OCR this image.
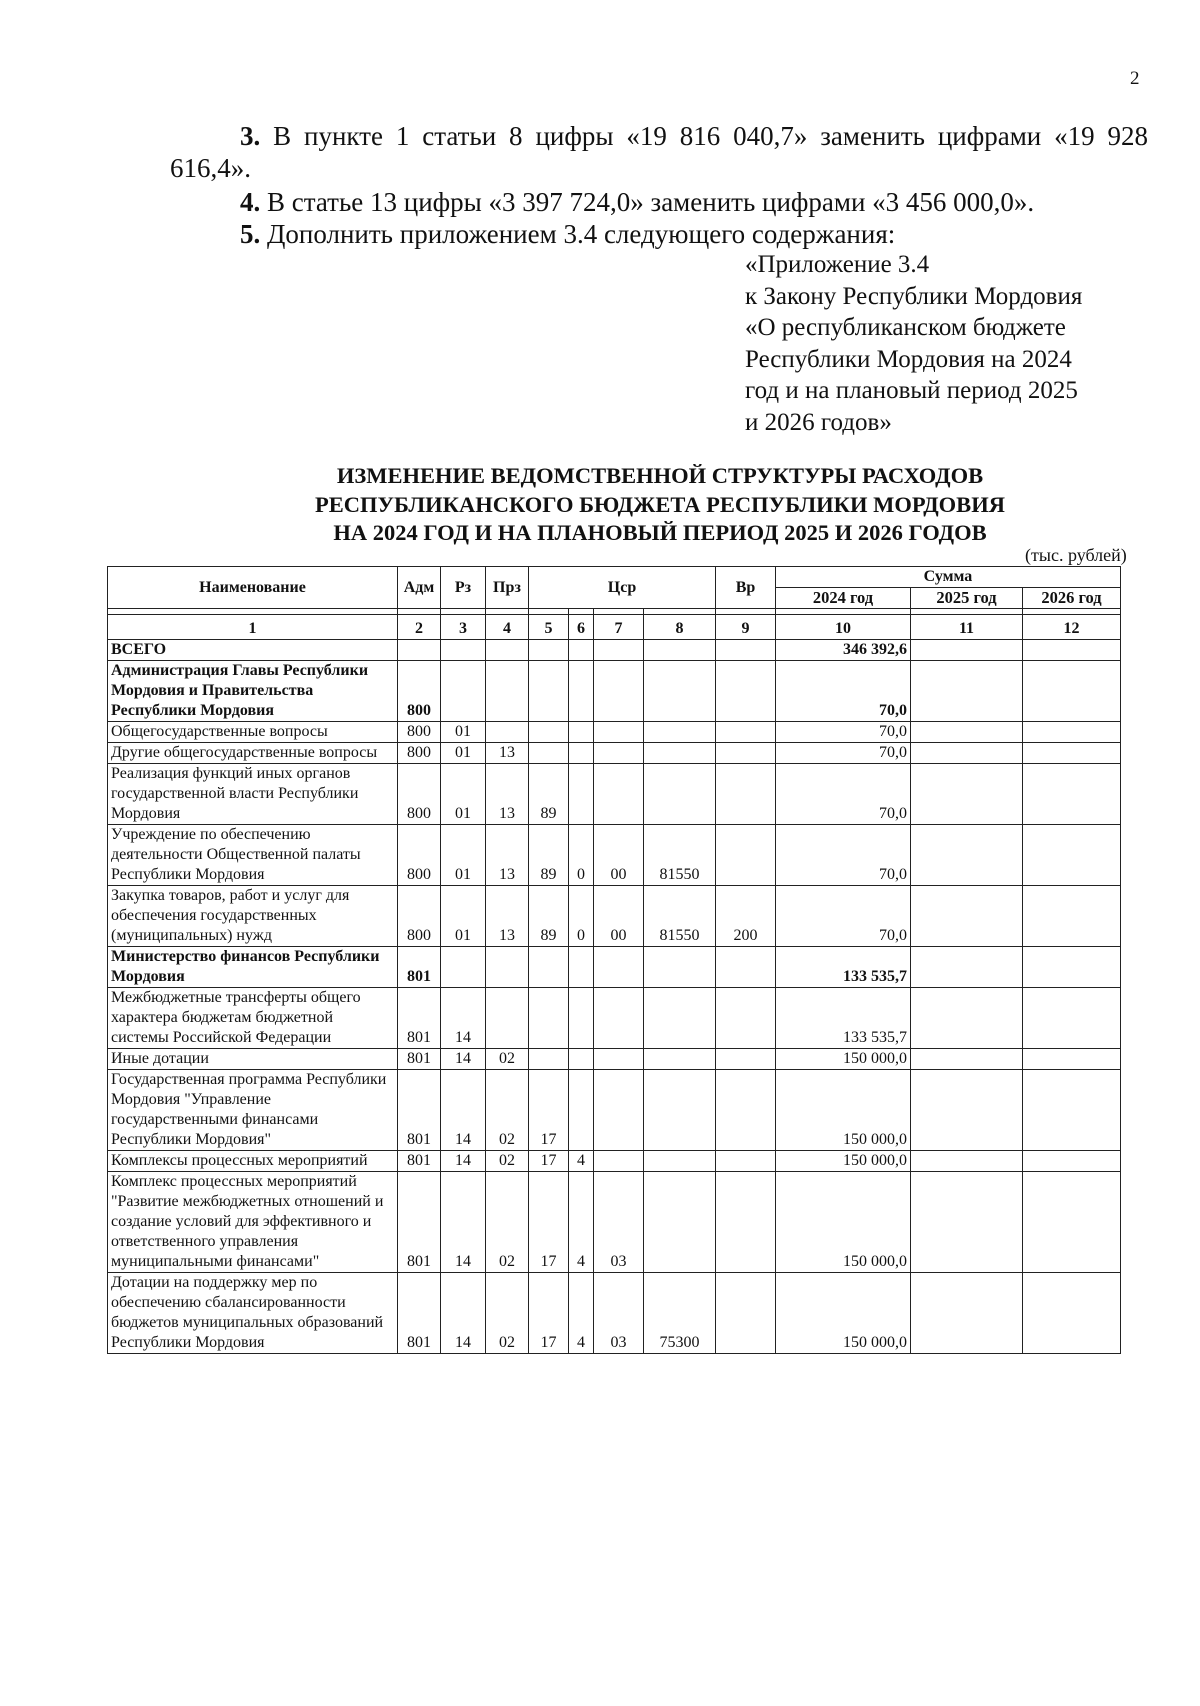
2

3. В пункте 1 статьи 8 цифры «19 816 040,7» заменить цифрами «19 928 616,4».

4. В статье 13 цифры «3 397 724,0» заменить цифрами «3 456 000,0».

5. Дополнить приложением 3.4 следующего содержания:

«Приложение 3.4
к Закону Республики Мордовия
«О республиканском бюджете
Республики Мордовия на 2024
год и на плановый период 2025
и 2026 годов»
ИЗМЕНЕНИЕ ВЕДОМСТВЕННОЙ СТРУКТУРЫ РАСХОДОВ
РЕСПУБЛИКАНСКОГО БЮДЖЕТА РЕСПУБЛИКИ МОРДОВИЯ
НА 2024 ГОД И НА ПЛАНОВЫЙ ПЕРИОД 2025 И 2026 ГОДОВ
(тыс. рублей)
Наименование	Адм	Рз	Прз	Цср				Вр	Сумма		
									2024 год	2025 год	2026 год

1	2	3	4	5	6	7	8	9	10	11	12
ВСЕГО									346 392,6		
Администрация Главы Республики Мордовия и Правительства Республики Мордовия	800								70,0		
Общегосударственные вопросы	800	01							70,0		
Другие общегосударственные вопросы	800	01	13						70,0		
Реализация функций иных органов государственной власти Республики Мордовия	800	01	13	89					70,0		
Учреждение по обеспечению деятельности Общественной палаты Республики Мордовия	800	01	13	89	0	00	81550		70,0		
Закупка товаров, работ и услуг для обеспечения государственных (муниципальных) нужд	800	01	13	89	0	00	81550	200	70,0		
Министерство финансов Республики Мордовия	801								133 535,7		
Межбюджетные трансферты общего характера бюджетам бюджетной системы Российской Федерации	801	14							133 535,7		
Иные дотации	801	14	02						150 000,0		
Государственная программа Республики Мордовия "Управление государственными финансами Республики Мордовия"	801	14	02	17					150 000,0		
Комплексы процессных мероприятий	801	14	02	17	4				150 000,0		
Комплекс процессных мероприятий "Развитие межбюджетных отношений и создание условий для эффективного и ответственного управления муниципальными финансами"	801	14	02	17	4	03			150 000,0		
Дотации на поддержку мер по обеспечению сбалансированности бюджетов муниципальных образований Республики Мордовия	801	14	02	17	4	03	75300		150 000,0		
